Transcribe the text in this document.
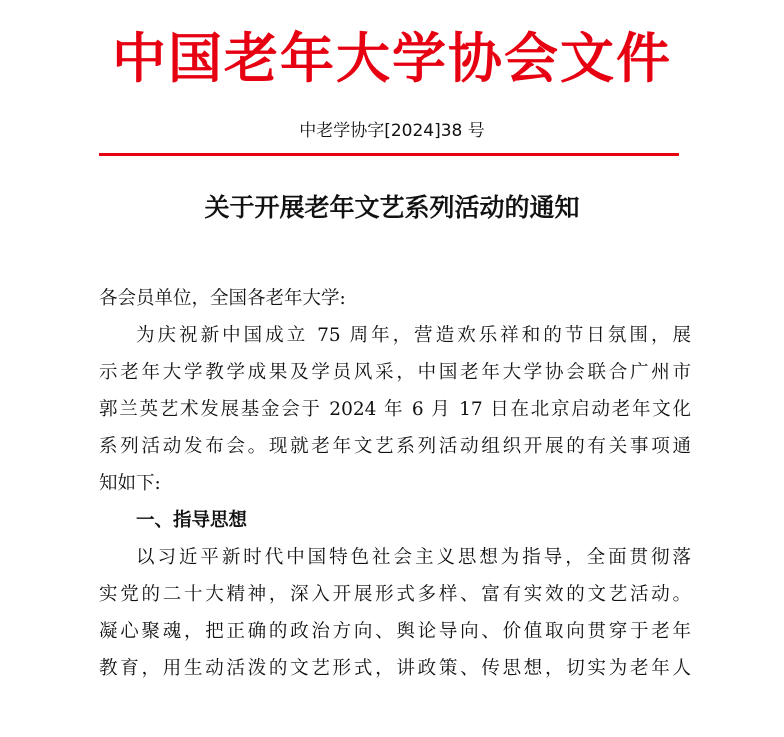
中国老年大学协会文件
中老学协字[2024]38 号
关于开展老年文艺系列活动的通知
各会员单位，全国各老年大学:
为庆祝新中国成立 75 周年，营造欢乐祥和的节日氛围，展
示老年大学教学成果及学员风采，中国老年大学协会联合广州市
郭兰英艺术发展基金会于 2024 年 6 月 17 日在北京启动老年文化
系列活动发布会。现就老年文艺系列活动组织开展的有关事项通
知如下:
一、指导思想
以习近平新时代中国特色社会主义思想为指导，全面贯彻落
实党的二十大精神，深入开展形式多样、富有实效的文艺活动。
凝心聚魂，把正确的政治方向、舆论导向、价值取向贯穿于老年
教育，用生动活泼的文艺形式，讲政策、传思想，切实为老年人
